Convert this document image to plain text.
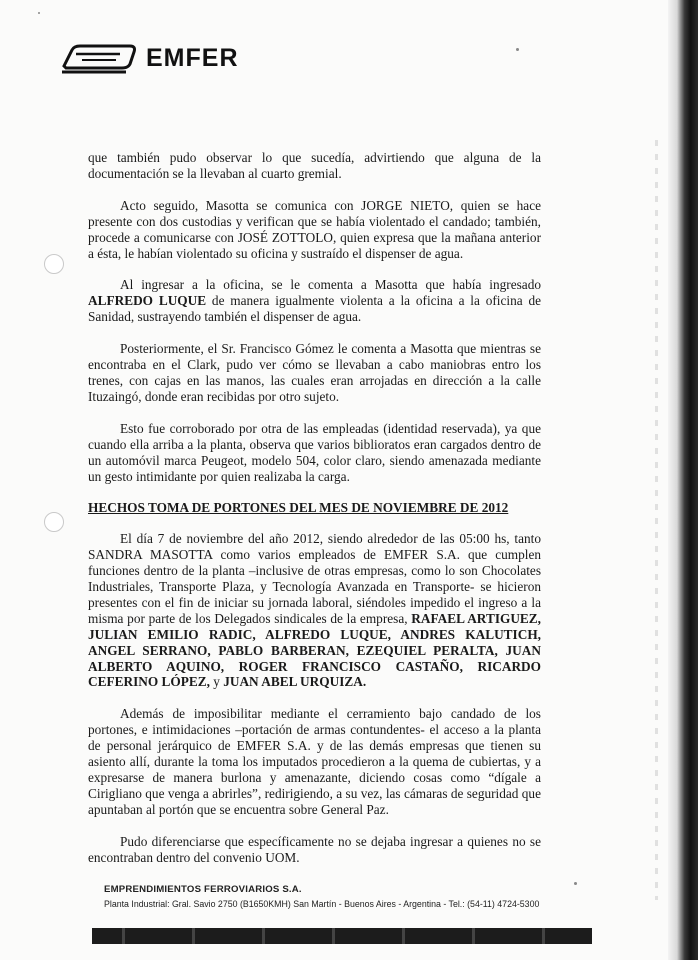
EMFER

que también pudo observar lo que sucedía, advirtiendo que alguna de la documentación se la llevaban al cuarto gremial.

Acto seguido, Masotta se comunica con JORGE NIETO, quien se hace presente con dos custodias y verifican que se había violentado el candado; también, procede a comunicarse con JOSÉ ZOTTOLO, quien expresa que la mañana anterior a ésta, le habían violentado su oficina y sustraído el dispenser de agua.

Al ingresar a la oficina, se le comenta a Masotta que había ingresado ALFREDO LUQUE de manera igualmente violenta a la oficina a la oficina de Sanidad, sustrayendo también el dispenser de agua.

Posteriormente, el Sr. Francisco Gómez le comenta a Masotta que mientras se encontraba en el Clark, pudo ver cómo se llevaban a cabo maniobras entro los trenes, con cajas en las manos, las cuales eran arrojadas en dirección a la calle Ituzaingó, donde eran recibidas por otro sujeto.

Esto fue corroborado por otra de las empleadas (identidad reservada), ya que cuando ella arriba a la planta, observa que varios biblioratos eran cargados dentro de un automóvil marca Peugeot, modelo 504, color claro, siendo amenazada mediante un gesto intimidante por quien realizaba la carga.

HECHOS TOMA DE PORTONES DEL MES DE NOVIEMBRE DE 2012

El día 7 de noviembre del año 2012, siendo alrededor de las 05:00 hs, tanto SANDRA MASOTTA como varios empleados de EMFER S.A. que cumplen funciones dentro de la planta –inclusive de otras empresas, como lo son Chocolates Industriales, Transporte Plaza, y Tecnología Avanzada en Transporte- se hicieron presentes con el fin de iniciar su jornada laboral, siéndoles impedido el ingreso a la misma por parte de los Delegados sindicales de la empresa, RAFAEL ARTIGUEZ, JULIAN EMILIO RADIC, ALFREDO LUQUE, ANDRES KALUTICH, ANGEL SERRANO, PABLO BARBERAN, EZEQUIEL PERALTA, JUAN ALBERTO AQUINO, ROGER FRANCISCO CASTAÑO, RICARDO CEFERINO LÓPEZ, y JUAN ABEL URQUIZA.

Además de imposibilitar mediante el cerramiento bajo candado de los portones, e intimidaciones –portación de armas contundentes- el acceso a la planta de personal jerárquico de EMFER S.A. y de las demás empresas que tienen su asiento allí, durante la toma los imputados procedieron a la quema de cubiertas, y a expresarse de manera burlona y amenazante, diciendo cosas como “dígale a Cirigliano que venga a abrirles”, redirigiendo, a su vez, las cámaras de seguridad que apuntaban al portón que se encuentra sobre General Paz.

Pudo diferenciarse que específicamente no se dejaba ingresar a quienes no se encontraban dentro del convenio UOM.

EMPRENDIMIENTOS FERROVIARIOS S.A.
Planta Industrial: Gral. Savio 2750 (B1650KMH) San Martín - Buenos Aires - Argentina - Tel.: (54-11) 4724-5300
